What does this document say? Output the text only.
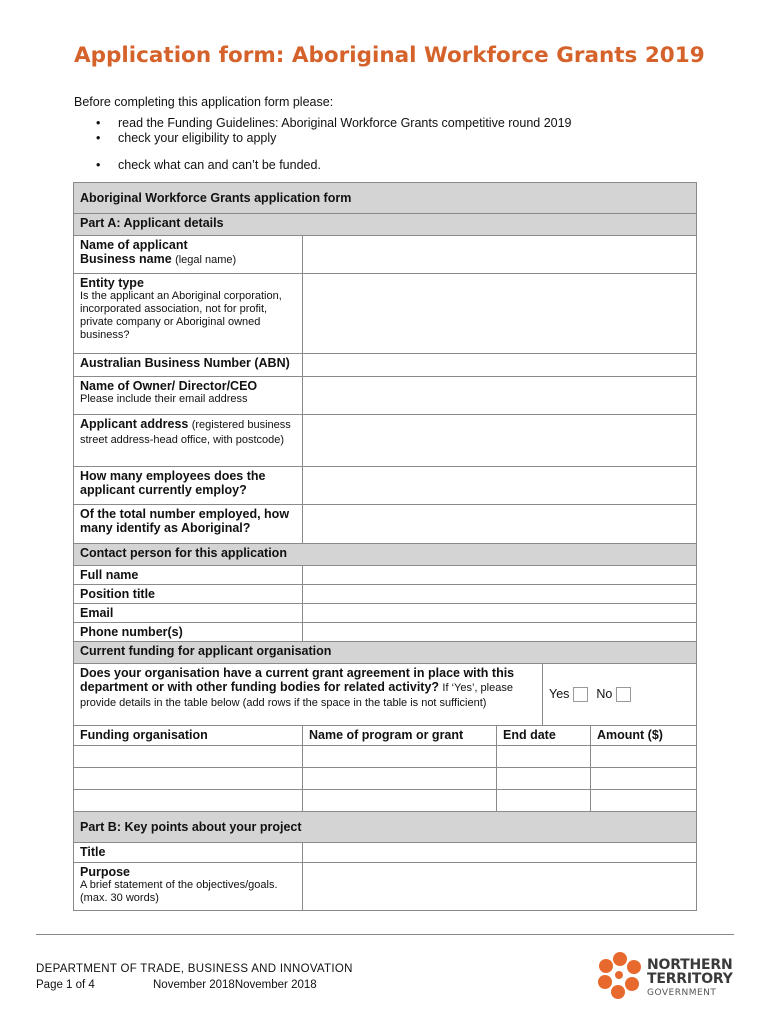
Application form: Aboriginal Workforce Grants 2019
Before completing this application form please:
• read the Funding Guidelines: Aboriginal Workforce Grants competitive round 2019
• check your eligibility to apply
• check what can and can’t be funded.
Aboriginal Workforce Grants application form				
Part A: Applicant details				

Name of applicant
Business name (legal name)				

Entity type
Is the applicant an Aboriginal corporation, incorporated association, not for profit, private company or Aboriginal owned business?				

Australian Business Number (ABN)				

Name of Owner/ Director/CEO
Please include their email address				

Applicant address (registered business street address-head office, with postcode)				
How many employees does the applicant currently employ?				
Of the total number employed, how many identify as Aboriginal?				
Contact person for this application				
Full name				
Position title				
Email				
Phone number(s)				
Current funding for applicant organisation				
Does your organisation have a current grant agreement in place with this department or with other funding bodies for related activity? If ‘Yes’, please provide details in the table below (add rows if the space in the table is not sufficient)			Yes No	
Funding organisation	Name of program or grant	End date		Amount ($)

Part B: Key points about your project				
Title				

Purpose
A brief statement of the objectives/goals. (max. 30 words)				

DEPARTMENT OF TRADE, BUSINESS AND INNOVATION
Page 1 of 4	November 2018November 2018
NORTHERN
TERRITORY
GOVERNMENT
